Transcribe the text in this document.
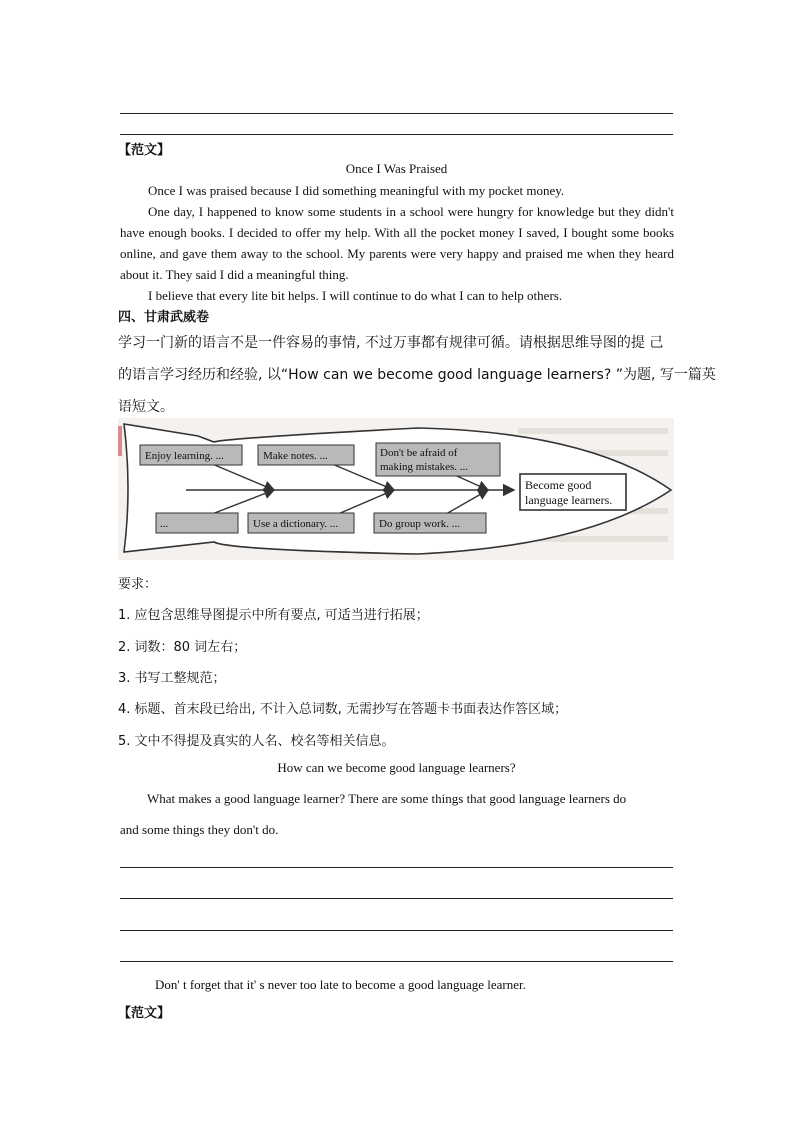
【范文】
Once I Was Praised

Once I was praised because I did something meaningful with my pocket money.

One day, I happened to know some students in a school were hungry for knowledge but they didn't have enough books. I decided to offer my help. With all the pocket money I saved, I bought some books online, and gave them away to the school. My parents were very happy and praised me when they heard about it. They said I did a meaningful thing.

I believe that every lite bit helps. I will continue to do what I can to help others.

四、甘肃武威卷
学习一门新的语言不是一件容易的事情, 不过万事都有规律可循。请根据思维导图的提 己
的语言学习经历和经验, 以“How can we become good language learners? ”为题, 写一篇英
语短文。
Enjoy learning. ...	Make notes. ...	Don't be afraid of
making mistakes. ...
...	Use a dictionary. ...	Do group work. ...
Become good
language learners.
要求：
1. 应包含思维导图提示中所有要点, 可适当进行拓展；
2. 词数：80 词左右；
3. 书写工整规范；
4. 标题、首末段已给出, 不计入总词数, 无需抄写在答题卡书面表达作答区域；
5. 文中不得提及真实的人名、校名等相关信息。
How can we become good language learners?
What makes a good language learner? There are some things that good language learners do
and some things they don't do.
Don' t forget that it' s never too late to become a good language learner.
【范文】
